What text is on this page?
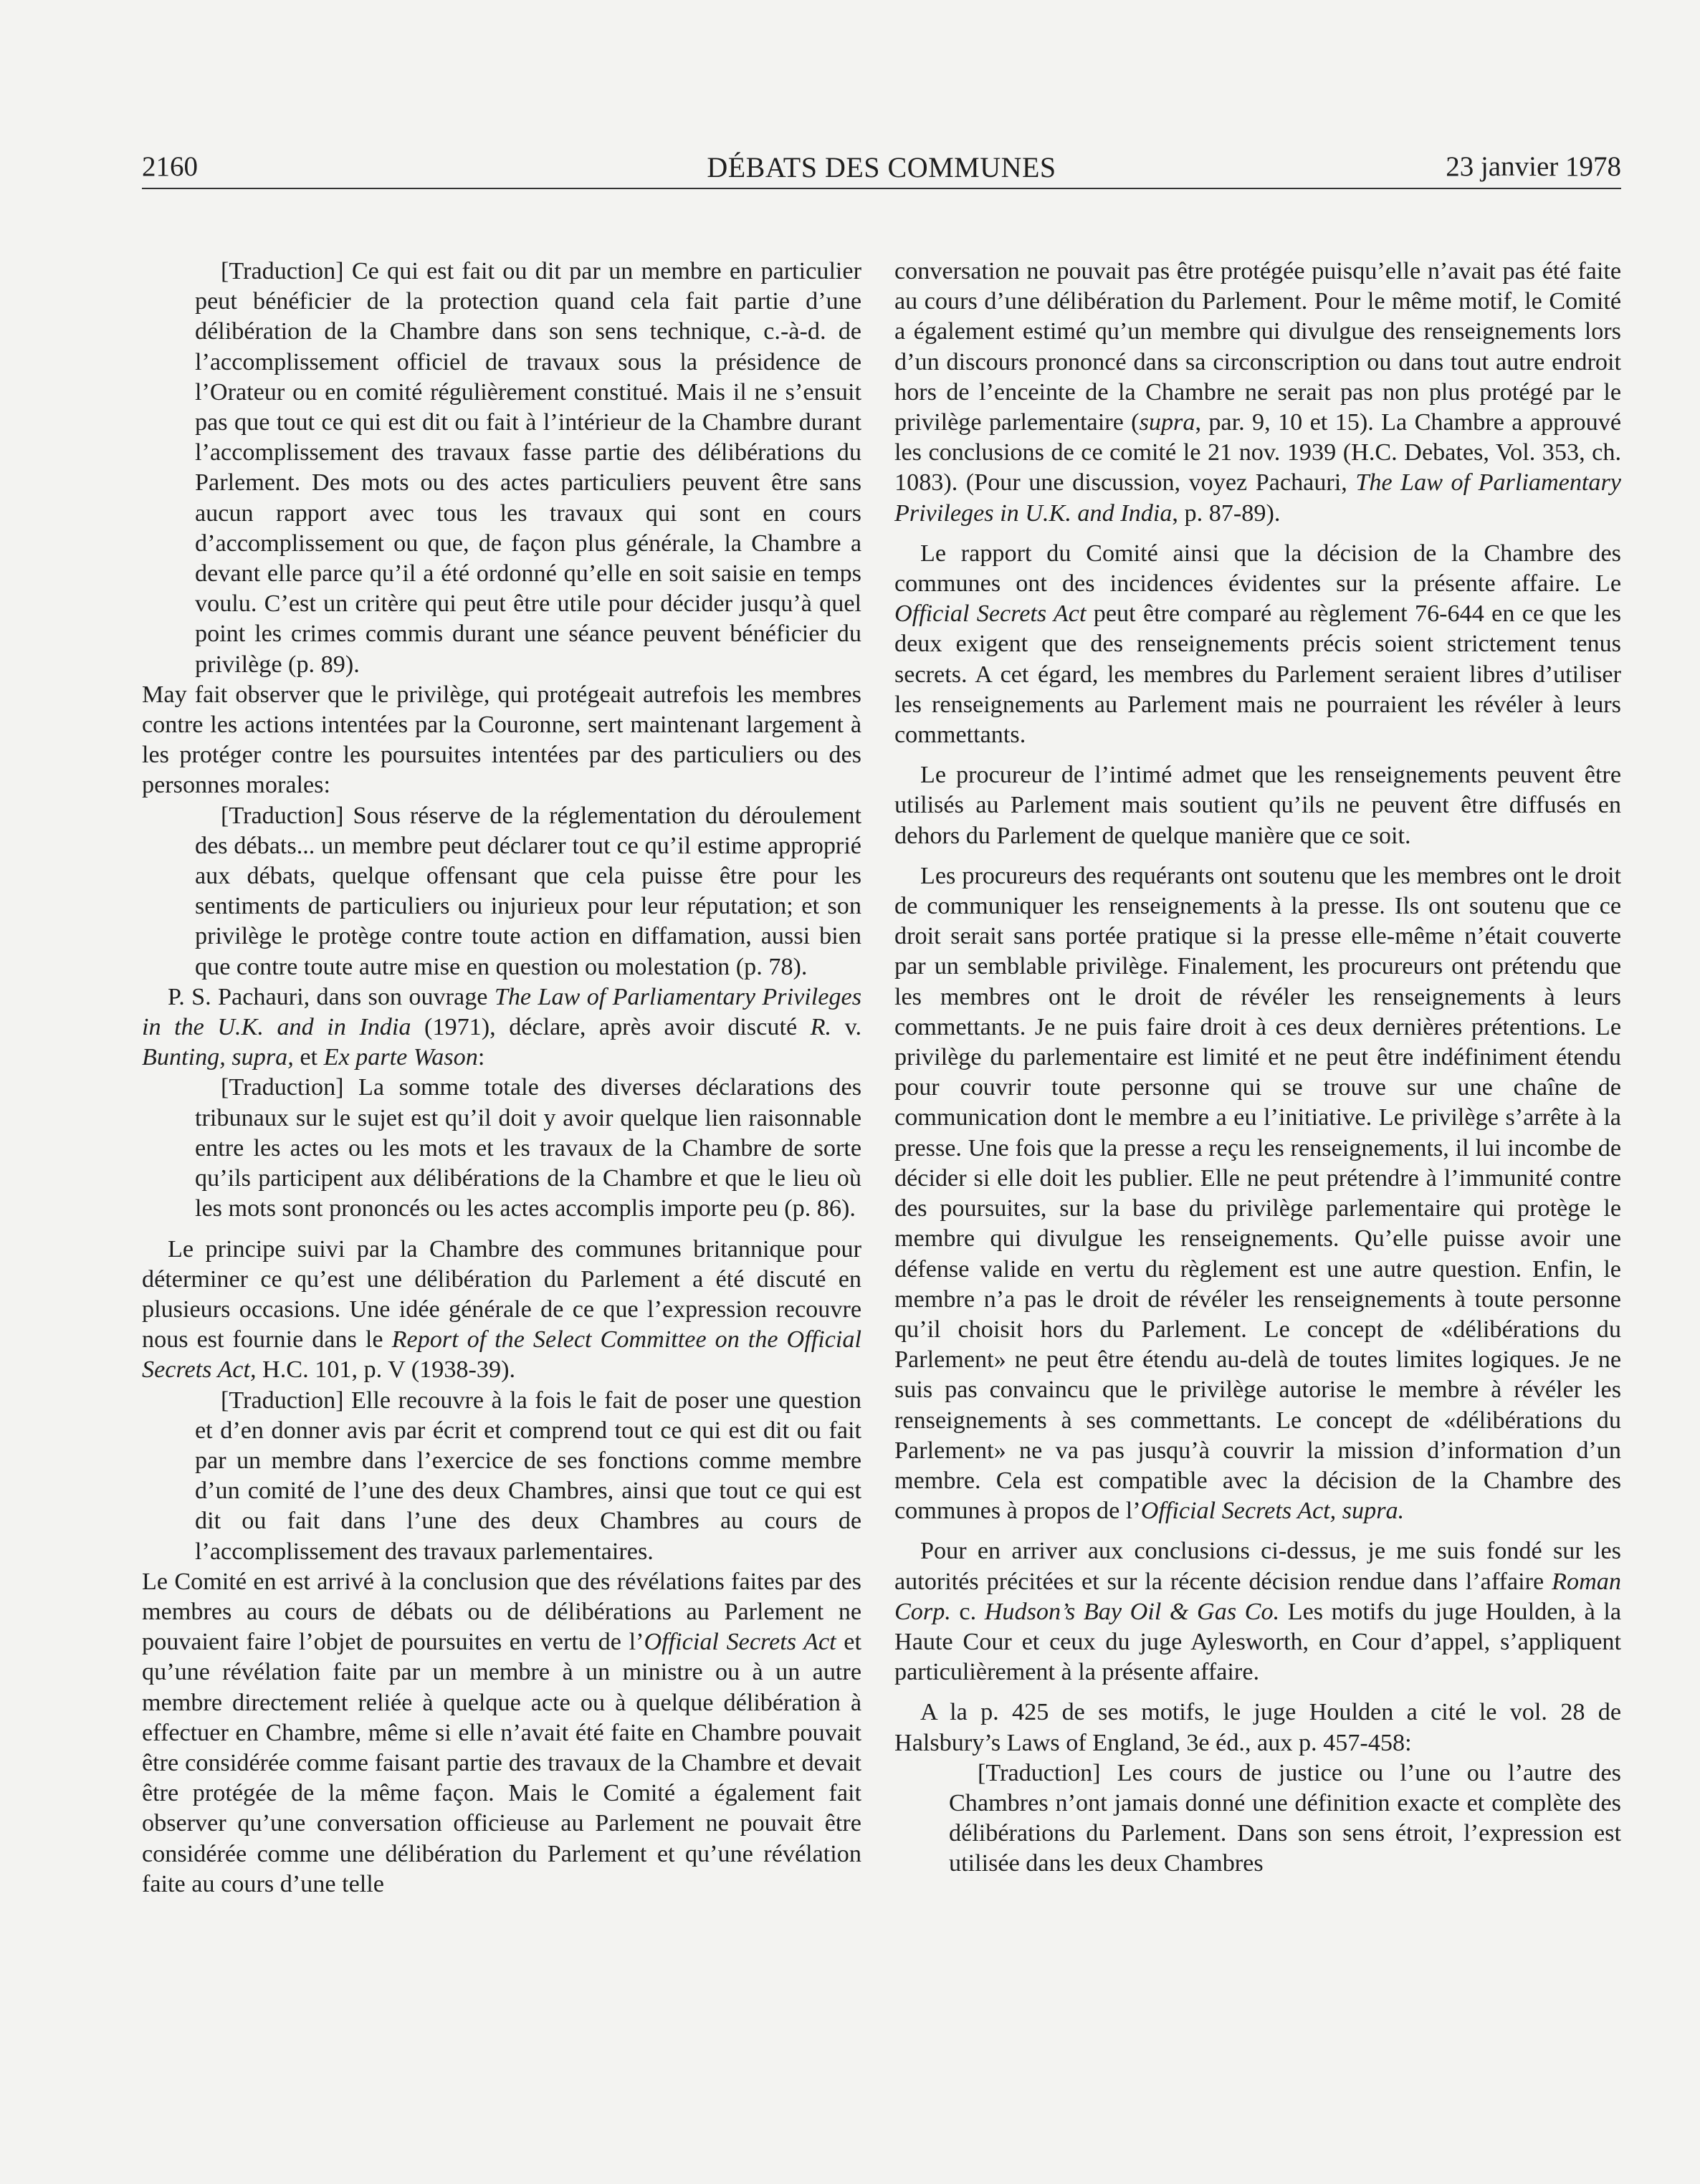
2160	DÉBATS DES COMMUNES	23 janvier 1978

[Traduction] Ce qui est fait ou dit par un membre en particulier peut bénéficier de la protection quand cela fait partie d’une délibération de la Chambre dans son sens technique, c.-à-d. de l’accomplissement officiel de travaux sous la présidence de l’Orateur ou en comité régulièrement constitué. Mais il ne s’ensuit pas que tout ce qui est dit ou fait à l’intérieur de la Chambre durant l’accomplissement des travaux fasse partie des délibérations du Parlement. Des mots ou des actes particuliers peuvent être sans aucun rapport avec tous les travaux qui sont en cours d’accomplissement ou que, de façon plus générale, la Chambre a devant elle parce qu’il a été ordonné qu’elle en soit saisie en temps voulu. C’est un critère qui peut être utile pour décider jusqu’à quel point les crimes commis durant une séance peuvent bénéficier du privilège (p. 89).

May fait observer que le privilège, qui protégeait autrefois les membres contre les actions intentées par la Couronne, sert maintenant largement à les protéger contre les poursuites intentées par des particuliers ou des personnes morales:

[Traduction] Sous réserve de la réglementation du déroulement des débats... un membre peut déclarer tout ce qu’il estime approprié aux débats, quelque offensant que cela puisse être pour les sentiments de particuliers ou injurieux pour leur réputation; et son privilège le protège contre toute action en diffamation, aussi bien que contre toute autre mise en question ou molestation (p. 78).

P. S. Pachauri, dans son ouvrage The Law of Parliamentary Privileges in the U.K. and in India (1971), déclare, après avoir discuté R. v. Bunting, supra, et Ex parte Wason:

[Traduction] La somme totale des diverses déclarations des tribunaux sur le sujet est qu’il doit y avoir quelque lien raisonnable entre les actes ou les mots et les travaux de la Chambre de sorte qu’ils participent aux délibérations de la Chambre et que le lieu où les mots sont prononcés ou les actes accomplis importe peu (p. 86).

Le principe suivi par la Chambre des communes britannique pour déterminer ce qu’est une délibération du Parlement a été discuté en plusieurs occasions. Une idée générale de ce que l’expression recouvre nous est fournie dans le Report of the Select Committee on the Official Secrets Act, H.C. 101, p. V (1938-39).

[Traduction] Elle recouvre à la fois le fait de poser une question et d’en donner avis par écrit et comprend tout ce qui est dit ou fait par un membre dans l’exercice de ses fonctions comme membre d’un comité de l’une des deux Chambres, ainsi que tout ce qui est dit ou fait dans l’une des deux Chambres au cours de l’accomplissement des travaux parlementaires.

Le Comité en est arrivé à la conclusion que des révélations faites par des membres au cours de débats ou de délibérations au Parlement ne pouvaient faire l’objet de poursuites en vertu de l’Official Secrets Act et qu’une révélation faite par un membre à un ministre ou à un autre membre directement reliée à quelque acte ou à quelque délibération à effectuer en Chambre, même si elle n’avait été faite en Chambre pouvait être considérée comme faisant partie des travaux de la Chambre et devait être protégée de la même façon. Mais le Comité a également fait observer qu’une conversation officieuse au Parlement ne pouvait être considérée comme une délibération du Parlement et qu’une révélation faite au cours d’une telle

conversation ne pouvait pas être protégée puisqu’elle n’avait pas été faite au cours d’une délibération du Parlement. Pour le même motif, le Comité a également estimé qu’un membre qui divulgue des renseignements lors d’un discours prononcé dans sa circonscription ou dans tout autre endroit hors de l’enceinte de la Chambre ne serait pas non plus protégé par le privilège parlementaire (supra, par. 9, 10 et 15). La Chambre a approuvé les conclusions de ce comité le 21 nov. 1939 (H.C. Debates, Vol. 353, ch. 1083). (Pour une discussion, voyez Pachauri, The Law of Parliamentary Privileges in U.K. and India, p. 87-89).

Le rapport du Comité ainsi que la décision de la Chambre des communes ont des incidences évidentes sur la présente affaire. Le Official Secrets Act peut être comparé au règlement 76-644 en ce que les deux exigent que des renseignements précis soient strictement tenus secrets. A cet égard, les membres du Parlement seraient libres d’utiliser les renseignements au Parlement mais ne pourraient les révéler à leurs commettants.

Le procureur de l’intimé admet que les renseignements peuvent être utilisés au Parlement mais soutient qu’ils ne peuvent être diffusés en dehors du Parlement de quelque manière que ce soit.

Les procureurs des requérants ont soutenu que les membres ont le droit de communiquer les renseignements à la presse. Ils ont soutenu que ce droit serait sans portée pratique si la presse elle-même n’était couverte par un semblable privilège. Finalement, les procureurs ont prétendu que les membres ont le droit de révéler les renseignements à leurs commettants. Je ne puis faire droit à ces deux dernières prétentions. Le privilège du parlementaire est limité et ne peut être indéfiniment étendu pour couvrir toute personne qui se trouve sur une chaîne de communication dont le membre a eu l’initiative. Le privilège s’arrête à la presse. Une fois que la presse a reçu les renseignements, il lui incombe de décider si elle doit les publier. Elle ne peut prétendre à l’immunité contre des poursuites, sur la base du privilège parlementaire qui protège le membre qui divulgue les renseignements. Qu’elle puisse avoir une défense valide en vertu du règlement est une autre question. Enfin, le membre n’a pas le droit de révéler les renseignements à toute personne qu’il choisit hors du Parlement. Le concept de «délibérations du Parlement» ne peut être étendu au-delà de toutes limites logiques. Je ne suis pas convaincu que le privilège autorise le membre à révéler les renseignements à ses commettants. Le concept de «délibérations du Parlement» ne va pas jusqu’à couvrir la mission d’information d’un membre. Cela est compatible avec la décision de la Chambre des communes à propos de l’Official Secrets Act, supra.

Pour en arriver aux conclusions ci-dessus, je me suis fondé sur les autorités précitées et sur la récente décision rendue dans l’affaire Roman Corp. c. Hudson’s Bay Oil & Gas Co. Les motifs du juge Houlden, à la Haute Cour et ceux du juge Aylesworth, en Cour d’appel, s’appliquent particulièrement à la présente affaire.

A la p. 425 de ses motifs, le juge Houlden a cité le vol. 28 de Halsbury’s Laws of England, 3e éd., aux p. 457-458:

[Traduction] Les cours de justice ou l’une ou l’autre des Chambres n’ont jamais donné une définition exacte et complète des délibérations du Parlement. Dans son sens étroit, l’expression est utilisée dans les deux Chambres
